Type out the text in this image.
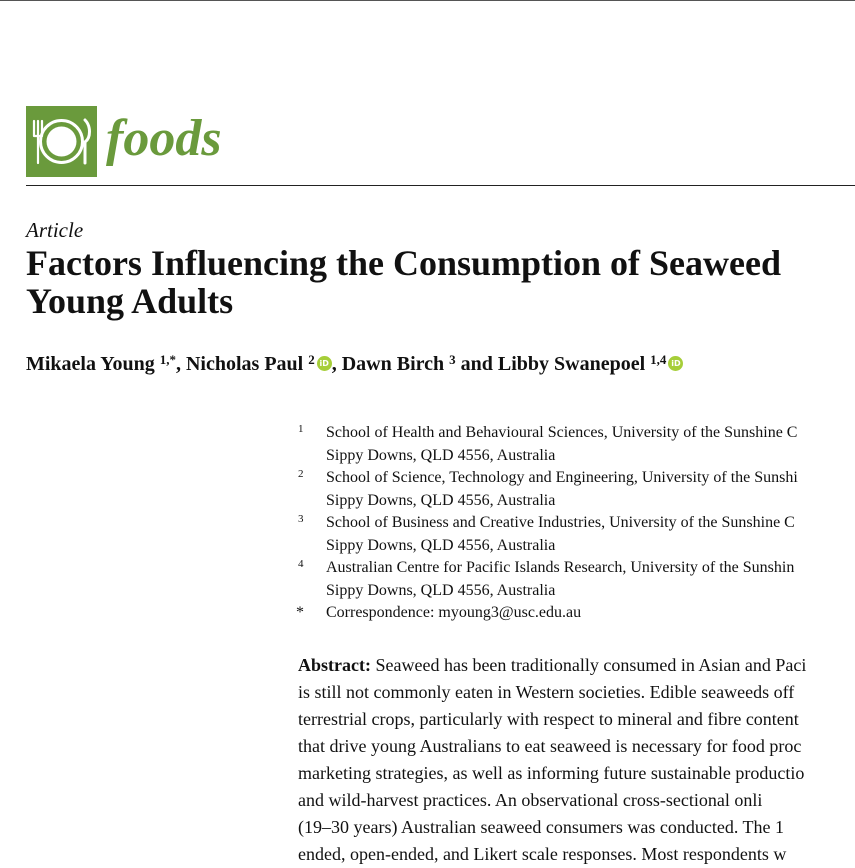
foods
Article
Factors Influencing the Consumption of Seaweed
Young Adults
Mikaela Young $^{1,*}$, Nicholas Paul $^2$ iD , Dawn Birch $^3$ and Libby Swanepoel $^{1,4}$ iD
1 School of Health and Behavioural Sciences, University of the Sunshine C
Sippy Downs, QLD 4556, Australia
2 School of Science, Technology and Engineering, University of the Sunshi
Sippy Downs, QLD 4556, Australia
3 School of Business and Creative Industries, University of the Sunshine C
Sippy Downs, QLD 4556, Australia
4 Australian Centre for Pacific Islands Research, University of the Sunshin
Sippy Downs, QLD 4556, Australia
* Correspondence: myoung3@usc.edu.au
Abstract: Seaweed has been traditionally consumed in Asian and Paci
is still not commonly eaten in Western societies. Edible seaweeds off
terrestrial crops, particularly with respect to mineral and fibre content
that drive young Australians to eat seaweed is necessary for food proc
marketing strategies, as well as informing future sustainable productio
and wild-harvest practices. An observational cross-sectional onli
(19–30 years) Australian seaweed consumers was conducted. The 1
ended, open-ended, and Likert scale responses. Most respondents w
